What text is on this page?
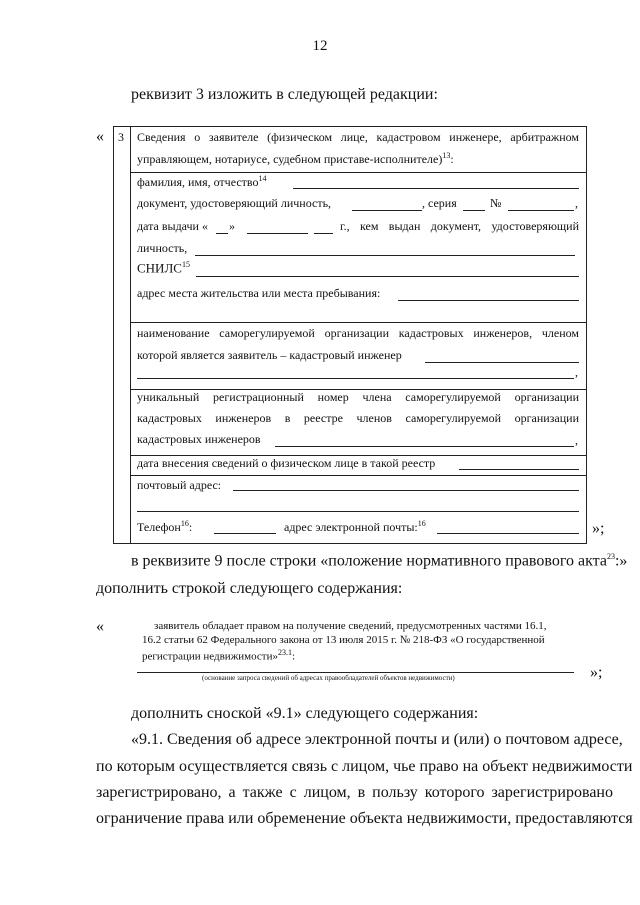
12
реквизит 3 изложить в следующей редакции:
«
»;
3 Сведения о заявителе (физическом лице, кадастровом инженере, арбитражном
управляющем, нотариусе, судебном приставе-исполнителе)$^{13}$:
фамилия, имя, отчество$^{14}$
документ, удостоверяющий личность,	, серия	№	,
дата выдачи « »	г., кем выдан документ, удостоверяющий
личность,
СНИЛС$^{15}$
адрес места жительства или места пребывания:
наименование саморегулируемой организации кадастровых инженеров, членом
которой является заявитель – кадастровый инженер
,
уникальный регистрационный номер члена саморегулируемой организации
кадастровых инженеров в реестре членов саморегулируемой организации
кадастровых инженеров	,
дата внесения сведений о физическом лице в такой реестр
почтовый адрес:
Телефон$^{16}$:	адрес электронной почты:$^{16}$
в реквизите 9 после строки «положение нормативного правового акта$^{23}$:»
дополнить строкой следующего содержания:
«	заявитель обладает правом на получение сведений, предусмотренных частями 16.1,
16.2 статьи 62 Федерального закона от 13 июля 2015 г. № 218-ФЗ «О государственной
регистрации недвижимости»$^{23.1}$:
(основание запроса сведений об адресах правообладателей объектов недвижимости)	»;
дополнить сноской «9.1» следующего содержания:
«9.1. Сведения об адресе электронной почты и (или) о почтовом адресе,
по которым осуществляется связь с лицом, чье право на объект недвижимости
зарегистрировано, а также с лицом, в пользу которого зарегистрировано
ограничение права или обременение объекта недвижимости, предоставляются
